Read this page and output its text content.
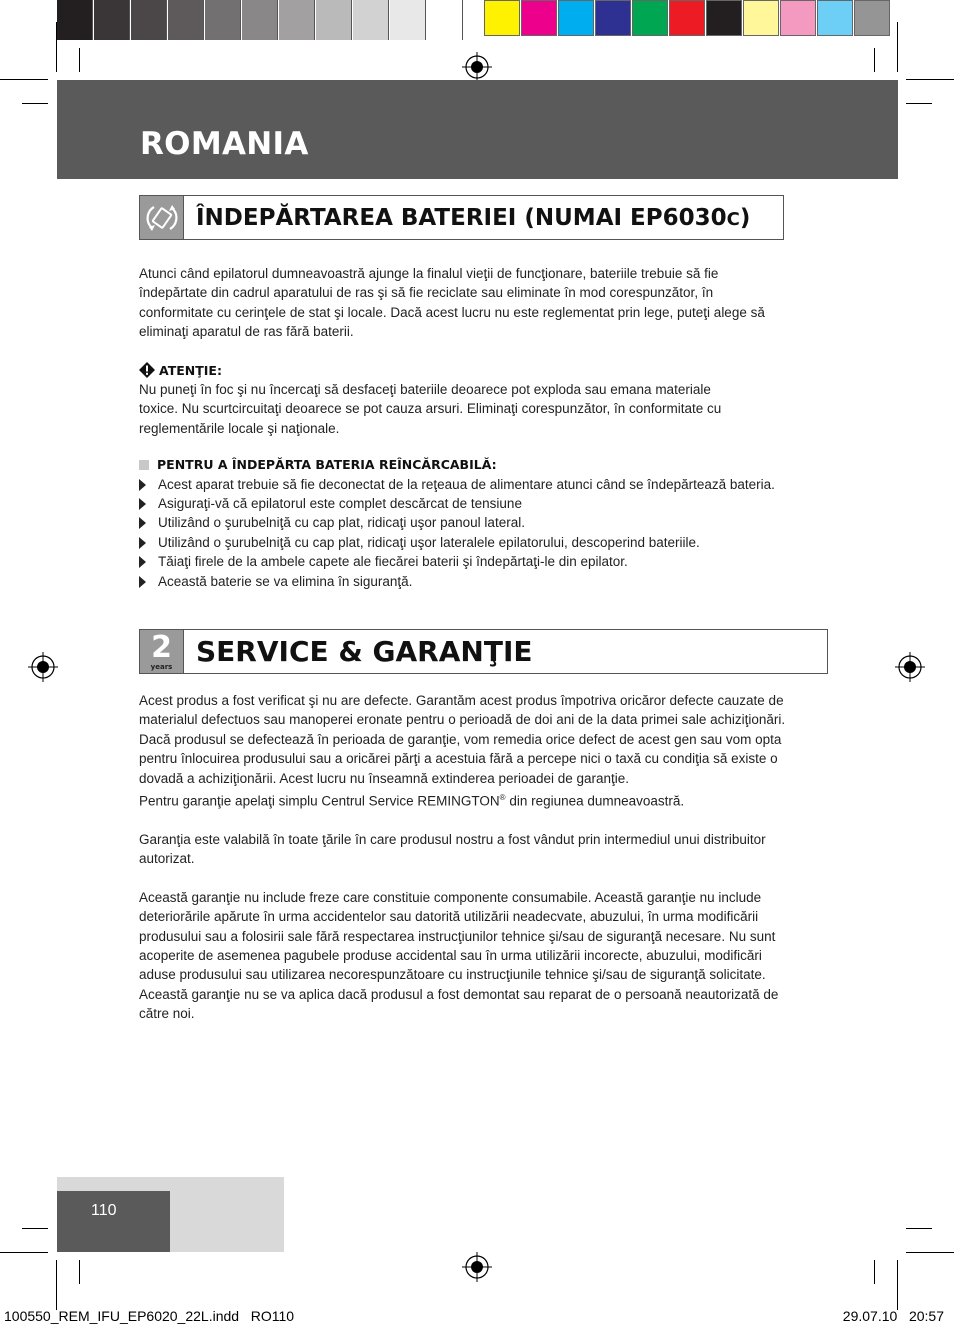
ROMANIA
ÎNDEPĂRTAREA BATERIEI (NUMAI EP6030C)

Atunci când epilatorul dumneavoastră ajunge la finalul vieţii de funcţionare, bateriile trebuie să fie

îndepărtate din cadrul aparatului de ras şi să fie reciclate sau eliminate în mod corespunzător, în

conformitate cu cerinţele de stat şi locale. Dacă acest lucru nu este reglementat prin lege, puteţi alege să

eliminaţi aparatul de ras fără baterii.

ATENŢIE:

Nu puneţi în foc şi nu încercaţi să desfaceţi bateriile deoarece pot exploda sau emana materiale

toxice. Nu scurtcircuitaţi deoarece se pot cauza arsuri. Eliminaţi corespunzător, în conformitate cu

reglementările locale şi naţionale.

PENTRU A ÎNDEPĂRTA BATERIA REÎNCĂRCABILĂ:
Acest aparat trebuie să fie deconectat de la reţeaua de alimentare atunci când se îndepărtează bateria.
Asiguraţi-vă că epilatorul este complet descărcat de tensiune
Utilizând o şurubelniţă cu cap plat, ridicaţi uşor panoul lateral.
Utilizând o şurubelniţă cu cap plat, ridicaţi uşor lateralele epilatorului, descoperind bateriile.
Tăiaţi firele de la ambele capete ale fiecărei baterii şi îndepărtaţi-le din epilator.
Această baterie se va elimina în siguranţă.
2
years SERVICE & GARANŢIE

Acest produs a fost verificat şi nu are defecte. Garantăm acest produs împotriva oricăror defecte cauzate de

materialul defectuos sau manoperei eronate pentru o perioadă de doi ani de la data primei sale achiziţionări.

Dacă produsul se defectează în perioada de garanţie, vom remedia orice defect de acest gen sau vom opta

pentru înlocuirea produsului sau a oricărei părţi a acestuia fără a percepe nici o taxă cu condiţia să existe o

dovadă a achiziţionării. Acest lucru nu înseamnă extinderea perioadei de garanţie.

Pentru garanţie apelaţi simplu Centrul Service REMINGTON® din regiunea dumneavoastră.

Garanţia este valabilă în toate ţările în care produsul nostru a fost vândut prin intermediul unui distribuitor

autorizat.

Această garanţie nu include freze care constituie componente consumabile. Această garanţie nu include

deteriorările apărute în urma accidentelor sau datorită utilizării neadecvate, abuzului, în urma modificării

produsului sau a folosirii sale fără respectarea instrucţiunilor tehnice şi/sau de siguranţă necesare. Nu sunt

acoperite de asemenea pagubele produse accidental sau în urma utilizării incorecte, abuzului, modificări

aduse produsului sau utilizarea necorespunzătoare cu instrucţiunile tehnice şi/sau de siguranţă solicitate.

Această garanţie nu se va aplica dacă produsul a fost demontat sau reparat de o persoană neautorizată de

către noi.

110
100550_REM_IFU_EP6020_22L.indd   RO110	29.07.10   20:57
